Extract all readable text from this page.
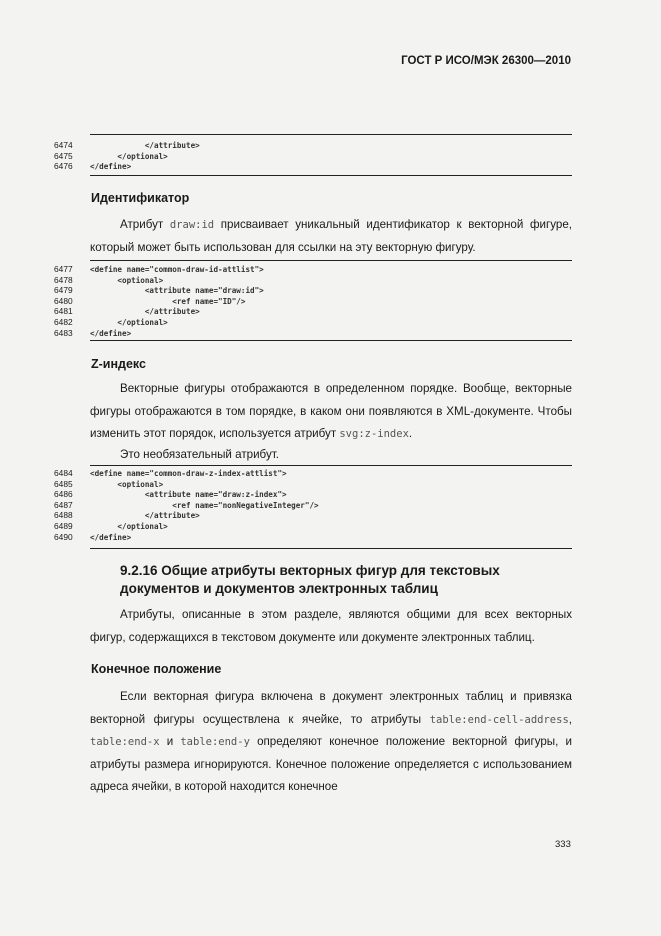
ГОСТ Р ИСО/МЭК 26300—2010
6474            </attribute>
6475      </optional>
6476 </define>
Идентификатор
Атрибут draw:id присваивает уникальный идентификатор к векторной фигуре, который может быть использован для ссылки на эту векторную фигуру.
6477 <define name="common-draw-id-attlist">
6478      <optional>
6479            <attribute name="draw:id">
6480                  <ref name="ID"/>
6481            </attribute>
6482      </optional>
6483 </define>
Z-индекс
Векторные фигуры отображаются в определенном порядке. Вообще, векторные фигуры отображаются в том порядке, в каком они появляются в XML-документе. Чтобы изменить этот порядок, используется атрибут svg:z-index.
Это необязательный атрибут.
6484 <define name="common-draw-z-index-attlist">
6485      <optional>
6486            <attribute name="draw:z-index">
6487                  <ref name="nonNegativeInteger"/>
6488            </attribute>
6489      </optional>
6490 </define>
9.2.16 Общие атрибуты векторных фигур для текстовых документов и документов электронных таблиц
Атрибуты, описанные в этом разделе, являются общими для всех векторных фигур, содержащихся в текстовом документе или документе электронных таблиц.
Конечное положение
Если векторная фигура включена в документ электронных таблиц и привязка векторной фигуры осуществлена к ячейке, то атрибуты table:end-cell-address, table:end-x и table:end-y определяют конечное положение векторной фигуры, и атрибуты размера игнорируются. Конечное положение определяется с использованием адреса ячейки, в которой находится конечное
333
